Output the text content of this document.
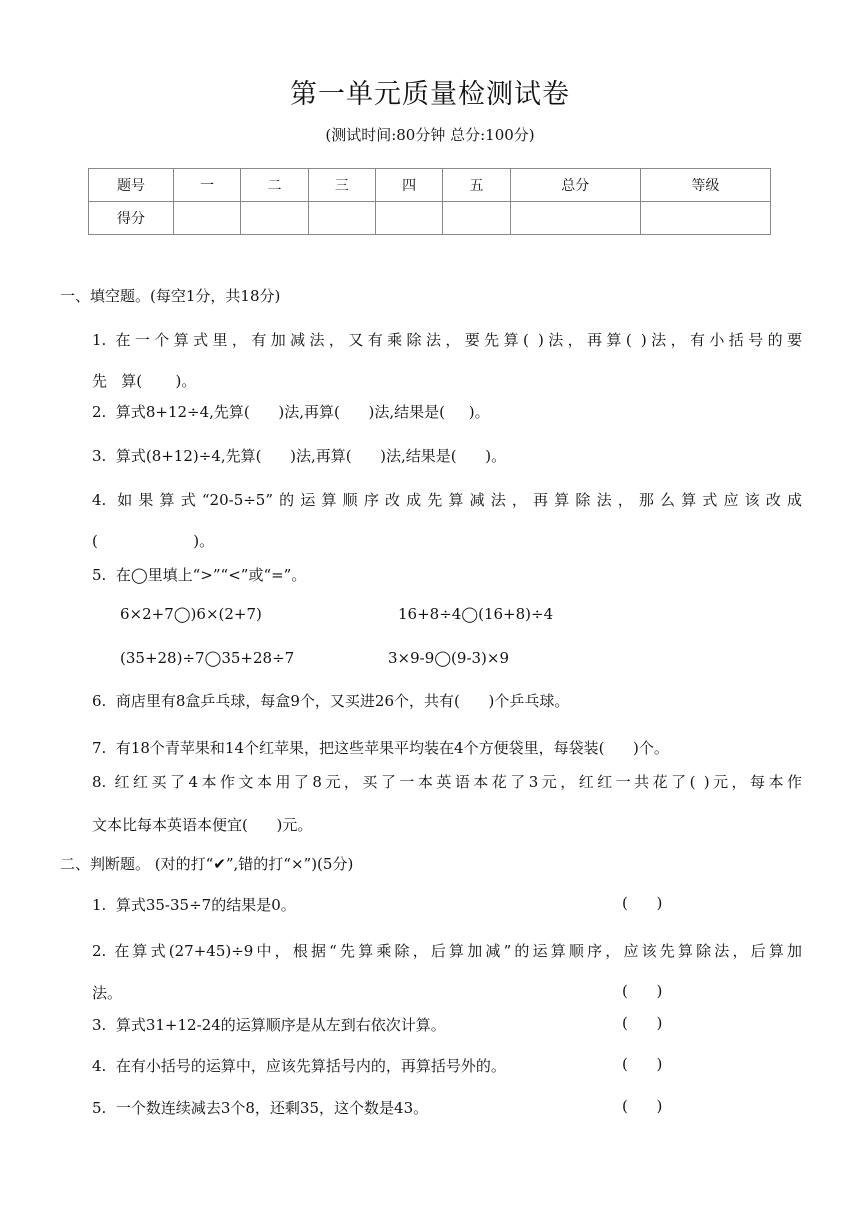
第一单元质量检测试卷
(测试时间:80分钟 总分:100分)
题号	一	二	三	四	五	总分	等级
得分							
一、填空题。(每空1分，共18分)
1. 在一个算式里，有加减法，又有乘除法，要先算( )法，再算( )法，有小括号的要
先   算(       )。
2.  算式8+12÷4,先算(      )法,再算(      )法,结果是(     )。
3.  算式(8+12)÷4,先算(      )法,再算(      )法,结果是(      )。
4. 如果算式“20-5÷5”的运算顺序改成先算减法，再算除法，那么算式应该改成
(                    )。
5.  在◯里填上“>”“<”或“=”。
6×2+7◯)6×(2+7)	16+8÷4◯(16+8)÷4
(35+28)÷7◯35+28÷7	3×9-9◯(9-3)×9
6.  商店里有8盒乒乓球，每盒9个，又买进26个，共有(      )个乒乓球。
7.  有18个青苹果和14个红苹果，把这些苹果平均装在4个方便袋里，每袋装(      )个。
8. 红红买了4本作文本用了8元，买了一本英语本花了3元，红红一共花了( )元，每本作
文本比每本英语本便宜(      )元。
二、判断题。 (对的打“✔”,错的打“×”)(5分)
1.  算式35-35÷7的结果是0。	(      )
2. 在算式(27+45)÷9中，根据“先算乘除，后算加减”的运算顺序，应该先算除法，后算加
法。	(      )
3.  算式31+12-24的运算顺序是从左到右依次计算。	(      )
4.  在有小括号的运算中，应该先算括号内的，再算括号外的。	(      )
5.  一个数连续减去3个8，还剩35，这个数是43。	(      )
